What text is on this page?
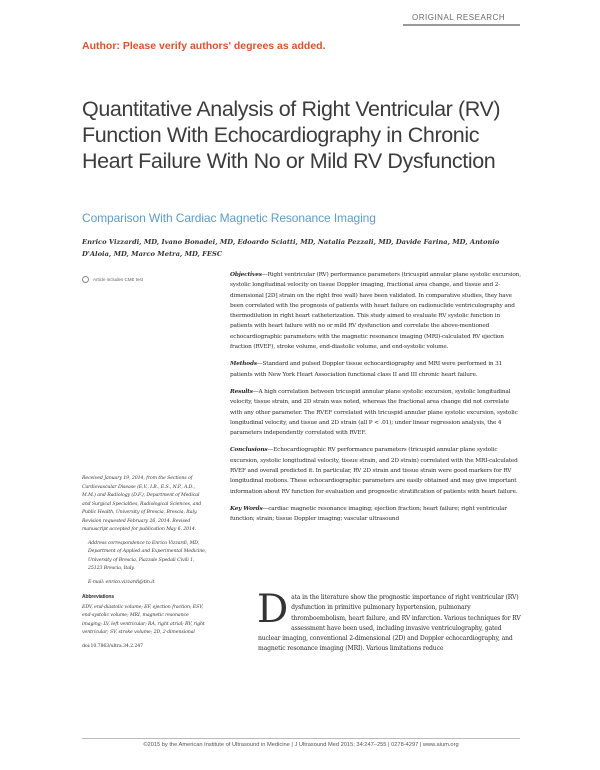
ORIGINAL RESEARCH
Author: Please verify authors' degrees as added.
Quantitative Analysis of Right Ventricular (RV) Function With Echocardiography in Chronic Heart Failure With No or Mild RV Dysfunction
Comparison With Cardiac Magnetic Resonance Imaging
Enrico Vizzardi, MD, Ivano Bonadei, MD, Edoardo Sciatti, MD, Natalia Pezzali, MD, Davide Farina, MD, Antonio D'Aloia, MD, Marco Metra, MD, FESC
Article includes CME test

Objectives—Right ventricular (RV) performance parameters (tricuspid annular plane systolic excursion, systolic longitudinal velocity on tissue Doppler imaging, fractional area change, and tissue and 2-dimensional [2D] strain on the right free wall) have been validated. In comparative studies, they have been correlated with the prognosis of patients with heart failure on radionuclide ventriculography and thermodilution in right heart catheterization. This study aimed to evaluate RV systolic function in patients with heart failure with no or mild RV dysfunction and correlate the above-mentioned echocardiographic parameters with the magnetic resonance imaging (MRI)-calculated RV ejection fraction (RVEF), stroke volume, end-diastolic volume, and end-systolic volume.

Methods—Standard and pulsed Doppler tissue echocardiography and MRI were performed in 31 patients with New York Heart Association functional class II and III chronic heart failure.

Results—A high correlation between tricuspid annular plane systolic excursion, systolic longitudinal velocity, tissue strain, and 2D strain was noted, whereas the fractional area change did not correlate with any other parameter. The RVEF correlated with tricuspid annular plane systolic excursion, systolic longitudinal velocity, and tissue and 2D strain (all P < .01); under linear regression analysis, the 4 parameters independently correlated with RVEF.

Conclusions—Echocardiographic RV performance parameters (tricuspid annular plane systolic excursion, systolic longitudinal velocity, tissue strain, and 2D strain) correlated with the MRI-calculated RVEF and overall predicted it. In particular, RV 2D strain and tissue strain were good markers for RV longitudinal motions. These echocardiographic parameters are easily obtained and may give important information about RV function for evaluation and prognostic stratification of patients with heart failure.

Key Words—cardiac magnetic resonance imaging; ejection fraction; heart failure; right ventricular function; strain; tissue Doppler imaging; vascular ultrasound

Received January 19, 2014, from the Sections of Cardiovascular Disease (E.V., I.B., E.S., N.P., A.D., M.M.) and Radiology (D.F.), Department of Medical and Surgical Specialties, Radiological Sciences, and Public Health, University of Brescia, Brescia, Italy. Revision requested February 26, 2014. Revised manuscript accepted for publication May 6, 2014.

Address correspondence to Enrico Vizzardi, MD, Department of Applied and Experimental Medicine, University of Brescia, Piazzale Spedali Civili 1, 25123 Brescia, Italy.

E-mail: enrico.vizzardi@tin.it

Abbreviations

EDV, end-diastolic volume; EF, ejection fraction; ESV, end-systolic volume; MRI, magnetic resonance imaging; LV, left ventricular; RA, right atrial; RV, right ventricular; SV, stroke volume; 2D, 2-dimensional

doi:10.7863/ultra.34.2.247

Data in the literature show the prognostic importance of right ventricular (RV) dysfunction in primitive pulmonary hypertension, pulmonary thromboembolism, heart failure, and RV infarction. Various techniques for RV assessment have been used, including invasive ventriculography, gated nuclear imaging, conventional 2-dimensional (2D) and Doppler echocardiography, and magnetic resonance imaging (MRI). Various limitations reduce
©2015 by the American Institute of Ultrasound in Medicine | J Ultrasound Med 2015; 34:247–255 | 0278-4297 | www.aium.org
